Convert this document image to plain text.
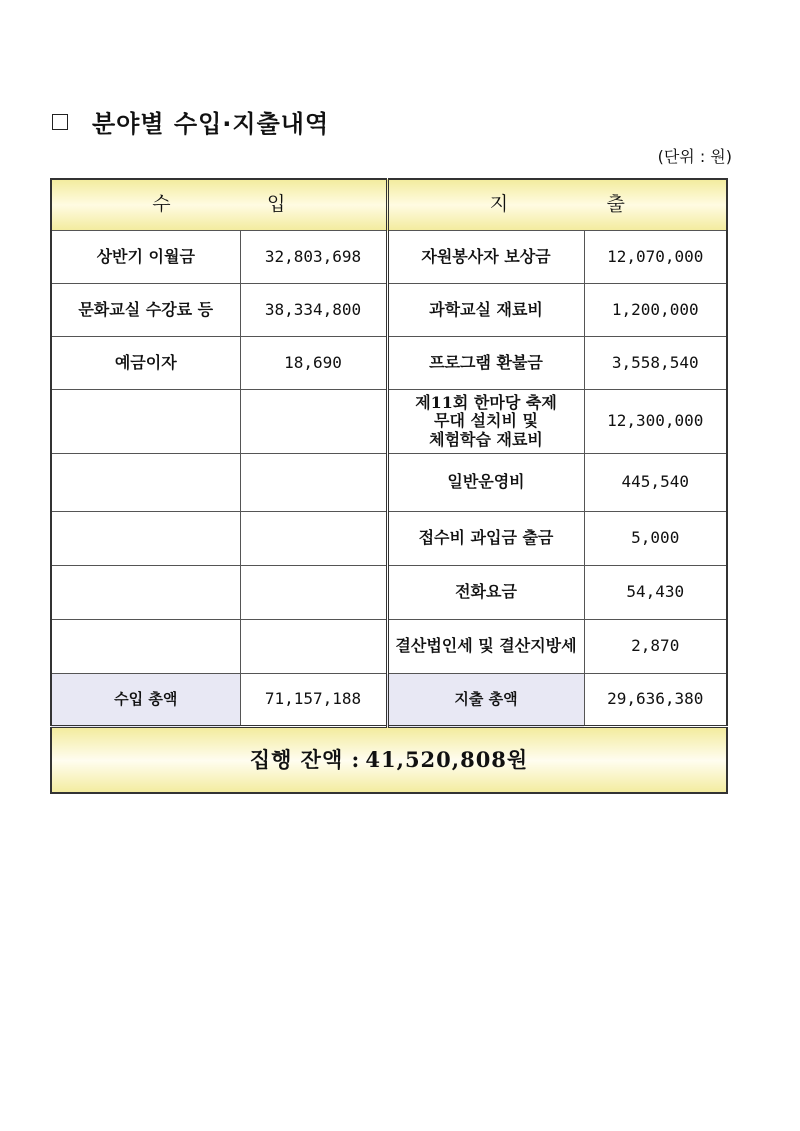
분야별 수입·지출내역
(단위 : 원)
수 입		지 출	

상반기 이월금	32,803,698	자원봉사자 보상금	12,070,000
문화교실 수강료 등	38,334,800	과학교실 재료비	1,200,000
예금이자	18,690	프로그램 환불금	3,558,540

		제11회 한마당 축제
무대 설치비 및
체험학습 재료비	12,300,000
		일반운영비	445,540
		접수비 과입금 출금	5,000
		전화요금	54,430
		결산법인세 및 결산지방세	2,870
수입 총액	71,157,188	지출 총액	29,636,380
집행 잔액 : 41,520,808원			
